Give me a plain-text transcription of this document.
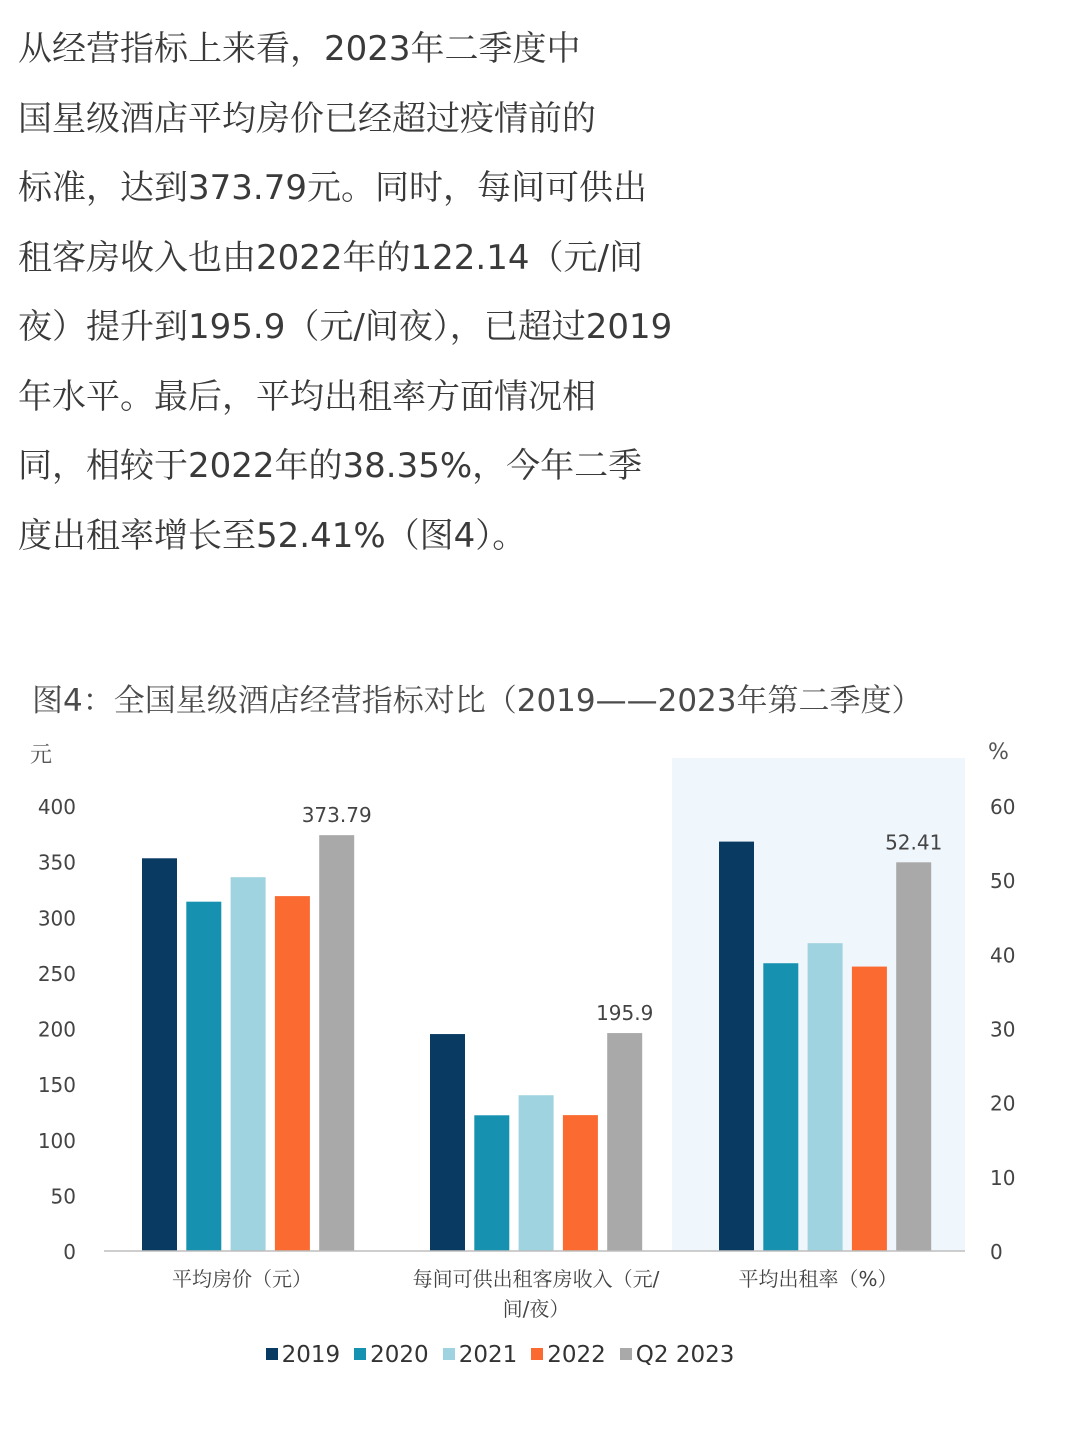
从经营指标上来看，2023年二季度中
国星级酒店平均房价已经超过疫情前的
标准，达到373.79元。同时，每间可供出
租客房收入也由2022年的122.14（元/间
夜）提升到195.9（元/间夜），已超过2019
年水平。最后，平均出租率方面情况相
同，相较于2022年的38.35%，今年二季
度出租率增长至52.41%（图4）。
图4：全国星级酒店经营指标对比（2019——2023年第二季度）
元	%
0
50
100
150
200
250
300
350
400
0
10
20
30
40
50
60
373.79
195.9
52.41
平均房价（元）	每间可供出租客房收入（元/
间/夜）
平均出租率（%）
2019 2020 2021 2022 Q2 2023
